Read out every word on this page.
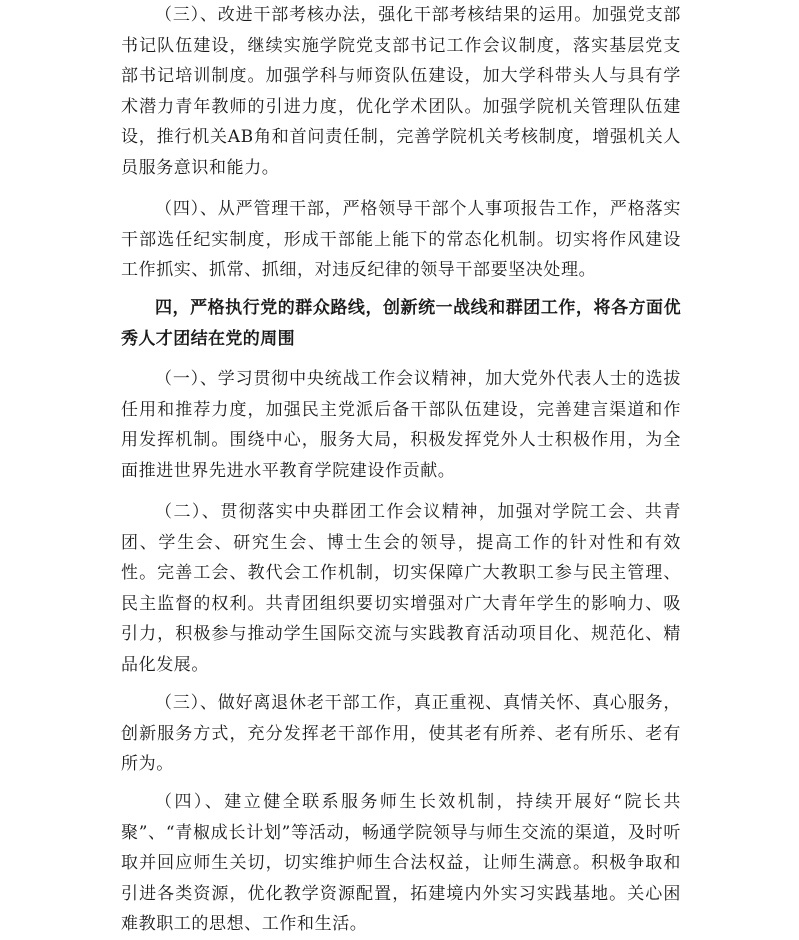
（三）、改进干部考核办法，强化干部考核结果的运用。加强党支部书记队伍建设，继续实施学院党支部书记工作会议制度，落实基层党支部书记培训制度。加强学科与师资队伍建设，加大学科带头人与具有学术潜力青年教师的引进力度，优化学术团队。加强学院机关管理队伍建设，推行机关AB角和首问责任制，完善学院机关考核制度，增强机关人员服务意识和能力。

（四）、从严管理干部，严格领导干部个人事项报告工作，严格落实干部选任纪实制度，形成干部能上能下的常态化机制。切实将作风建设工作抓实、抓常、抓细，对违反纪律的领导干部要坚决处理。

四，严格执行党的群众路线，创新统一战线和群团工作，将各方面优秀人才团结在党的周围

（一）、学习贯彻中央统战工作会议精神，加大党外代表人士的选拔任用和推荐力度，加强民主党派后备干部队伍建设，完善建言渠道和作用发挥机制。围绕中心，服务大局，积极发挥党外人士积极作用，为全面推进世界先进水平教育学院建设作贡献。

（二）、贯彻落实中央群团工作会议精神，加强对学院工会、共青团、学生会、研究生会、博士生会的领导，提高工作的针对性和有效性。完善工会、教代会工作机制，切实保障广大教职工参与民主管理、民主监督的权利。共青团组织要切实增强对广大青年学生的影响力、吸引力，积极参与推动学生国际交流与实践教育活动项目化、规范化、精品化发展。

（三）、做好离退休老干部工作，真正重视、真情关怀、真心服务，创新服务方式，充分发挥老干部作用，使其老有所养、老有所乐、老有所为。

（四）、建立健全联系服务师生长效机制，持续开展好“院长共聚”、“青椒成长计划”等活动，畅通学院领导与师生交流的渠道，及时听取并回应师生关切，切实维护师生合法权益，让师生满意。积极争取和引进各类资源，优化教学资源配置，拓建境内外实习实践基地。关心困难教职工的思想、工作和生活。
